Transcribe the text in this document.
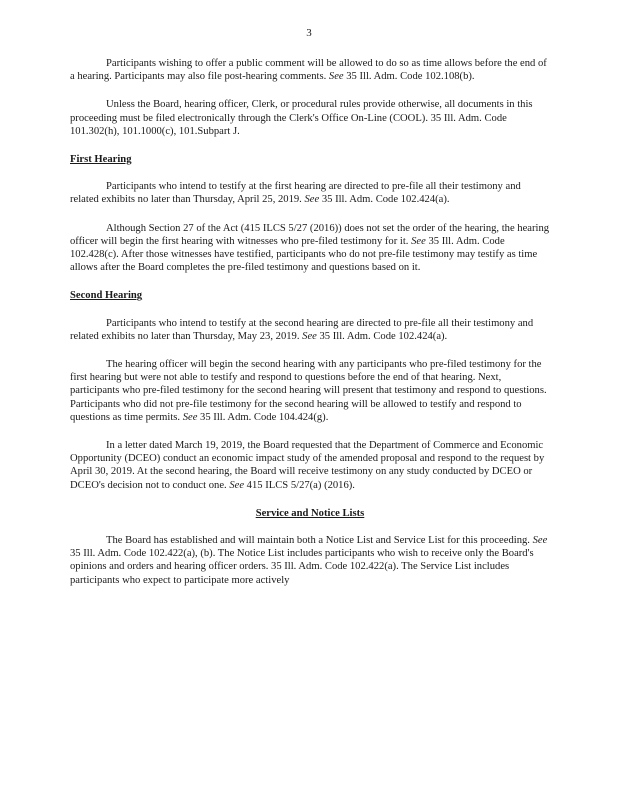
3

Participants wishing to offer a public comment will be allowed to do so as time allows before the end of a hearing. Participants may also file post-hearing comments. See 35 Ill. Adm. Code 102.108(b).

Unless the Board, hearing officer, Clerk, or procedural rules provide otherwise, all documents in this proceeding must be filed electronically through the Clerk's Office On-Line (COOL). 35 Ill. Adm. Code 101.302(h), 101.1000(c), 101.Subpart J.

First Hearing

Participants who intend to testify at the first hearing are directed to pre-file all their testimony and related exhibits no later than Thursday, April 25, 2019. See 35 Ill. Adm. Code 102.424(a).

Although Section 27 of the Act (415 ILCS 5/27 (2016)) does not set the order of the hearing, the hearing officer will begin the first hearing with witnesses who pre-filed testimony for it. See 35 Ill. Adm. Code 102.428(c). After those witnesses have testified, participants who do not pre-file testimony may testify as time allows after the Board completes the pre-filed testimony and questions based on it.

Second Hearing

Participants who intend to testify at the second hearing are directed to pre-file all their testimony and related exhibits no later than Thursday, May 23, 2019. See 35 Ill. Adm. Code 102.424(a).

The hearing officer will begin the second hearing with any participants who pre-filed testimony for the first hearing but were not able to testify and respond to questions before the end of that hearing. Next, participants who pre-filed testimony for the second hearing will present that testimony and respond to questions. Participants who did not pre-file testimony for the second hearing will be allowed to testify and respond to questions as time permits. See 35 Ill. Adm. Code 104.424(g).

In a letter dated March 19, 2019, the Board requested that the Department of Commerce and Economic Opportunity (DCEO) conduct an economic impact study of the amended proposal and respond to the request by April 30, 2019. At the second hearing, the Board will receive testimony on any study conducted by DCEO or DCEO's decision not to conduct one. See 415 ILCS 5/27(a) (2016).

Service and Notice Lists

The Board has established and will maintain both a Notice List and Service List for this proceeding. See 35 Ill. Adm. Code 102.422(a), (b). The Notice List includes participants who wish to receive only the Board's opinions and orders and hearing officer orders. 35 Ill. Adm. Code 102.422(a). The Service List includes participants who expect to participate more actively
